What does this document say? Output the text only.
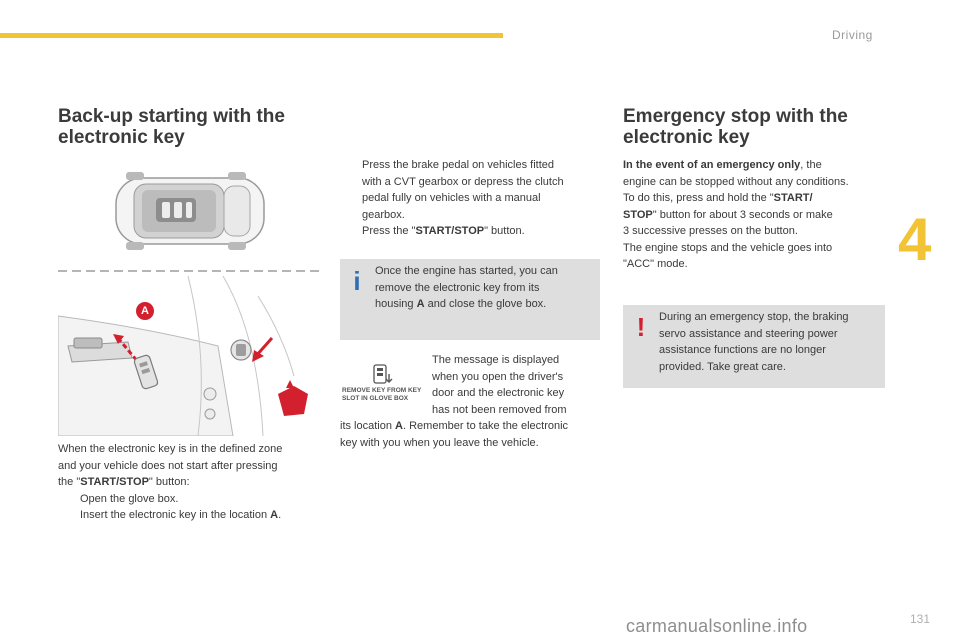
Driving
4
Back-up starting with the
electronic key
A
When the electronic key is in the defined zone
and your vehicle does not start after pressing
the "START/STOP" button:
Open the glove box.
Insert the electronic key in the location A.
Press the brake pedal on vehicles fitted
with a CVT gearbox or depress the clutch
pedal fully on vehicles with a manual
gearbox.
Press the "START/STOP" button.
i Once the engine has started, you can
remove the electronic key from its
housing A and close the glove box.
REMOVE KEY FROM KEY
SLOT IN GLOVE BOX
The message is displayed
when you open the driver's
door and the electronic key
has not been removed from
its location A. Remember to take the electronic
key with you when you leave the vehicle.
Emergency stop with the
electronic key
In the event of an emergency only, the
engine can be stopped without any conditions.
To do this, press and hold the "START/
STOP" button for about 3 seconds or make
3 successive presses on the button.
The engine stops and the vehicle goes into
"ACC" mode.
! During an emergency stop, the braking
servo assistance and steering power
assistance functions are no longer
provided. Take great care.
131
carmanualsonline.info
